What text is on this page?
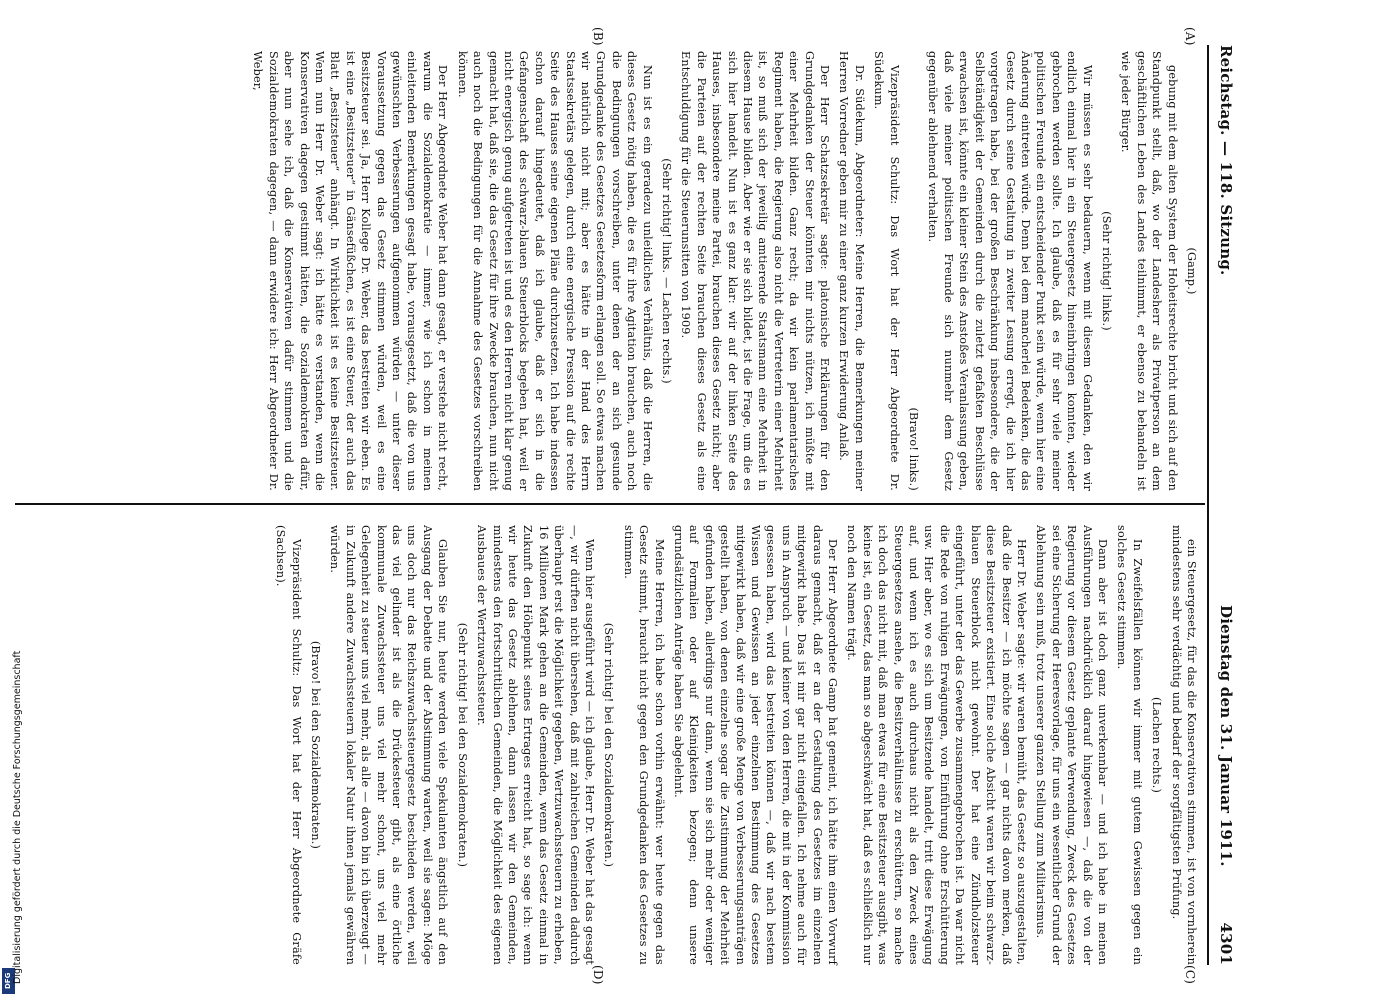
Reichstag. — 118. Sitzung.
Dienstag den 31. Januar 1911.
4301
(A)
(B)
(C)
(D)

(Gamp.)

gebung mit dem alten System der Hoheitsrechte bricht und sich auf den Standpunkt stellt, daß, wo der Landesherr als Privatperson an dem geschäftlichen Leben des Landes teilnimmt, er ebenso zu behandeln ist wie jeder Bürger.

(Sehr richtig! links.)

Wir müssen es sehr bedauern, wenn mit diesem Gedanken, den wir endlich einmal hier in ein Steuergesetz hineinbringen konnten, wieder gebrochen werden sollte. Ich glaube, daß es für sehr viele meiner politischen Freunde ein entscheidender Punkt sein würde, wenn hier eine Änderung eintreten würde. Denn bei dem mancherlei Bedenken, die das Gesetz durch seine Gestaltung in zweiter Lesung erregt, die ich hier vorgetragen habe, bei der großen Beschränkung insbesondere, die der Selbständigkeit der Gemeinden durch die zuletzt gefaßten Beschlüsse erwachsen ist, könnte ein kleiner Stein des Anstoßes Veranlassung geben, daß viele meiner politischen Freunde sich nunmehr dem Gesetz gegenüber ablehnend verhalten.

(Bravo! links.)

Vizepräsident Schultz: Das Wort hat der Herr Abgeordnete Dr. Südekum.

Dr. Südekum, Abgeordneter: Meine Herren, die Bemerkungen meiner Herren Vorredner geben mir zu einer ganz kurzen Erwiderung Anlaß.

Der Herr Schatzsekretär sagte: platonische Erklärungen für den Grundgedanken der Steuer könnten mir nichts nützen, ich müßte mit einer Mehrheit bilden. Ganz recht; da wir kein parlamentarisches Regiment haben, die Regierung also nicht die Vertreterin einer Mehrheit ist, so muß sich der jeweilig amtierende Staatsmann eine Mehrheit in diesem Hause bilden. Aber wie er sie sich bildet, ist die Frage, um die es sich hier handelt. Nun ist es ganz klar: wir auf der linken Seite des Hauses, insbesondere meine Partei, brauchen dieses Gesetz nicht; aber die Parteien auf der rechten Seite brauchen dieses Gesetz als eine Entschuldigung für die Steuerunsitten von 1909.

(Sehr richtig! links. — Lachen rechts.)

Nun ist es ein geradezu unleidliches Verhältnis, daß die Herren, die dieses Gesetz nötig haben, die es für ihre Agitation brauchen, auch noch die Bedingungen vorschreiben, unter denen der an sich gesunde Grundgedanke des Gesetzes Gesetzesform erlangen soll. So etwas machen wir natürlich nicht mit; aber es hätte in der Hand des Herrn Staatssekretärs gelegen, durch eine energische Pression auf die rechte Seite des Hauses seine eigenen Pläne durchzusetzen. Ich habe indessen schon darauf hingedeutet, daß ich glaube, daß er sich in die Gefangenschaft des schwarz-blauen Steuerblocks begeben hat, weil er nicht energisch genug aufgetreten ist und es den Herren nicht klar genug gemacht hat, daß sie, die das Gesetz für ihre Zwecke brauchen, nun nicht auch noch die Bedingungen für die Annahme des Gesetzes vorschreiben können.

Der Herr Abgeordnete Weber hat dann gesagt, er verstehe nicht recht, warum die Sozialdemokratie — immer, wie ich schon in meinen einleitenden Bemerkungen gesagt habe, vorausgesetzt, daß die von uns gewünschten Verbesserungen aufgenommen würden — unter dieser Voraussetzung gegen das Gesetz stimmen würden, weil es eine Besitzsteuer sei. Ja, Herr Kollege Dr. Weber, das bestreiten wir eben. Es ist eine „Besitzsteuer“ in Gänsefüßchen, es ist eine Steuer, der auch das Blatt „Besitzsteuer“ anhängt. In Wirklichkeit ist es keine Besitzsteuer. Wenn nun Herr Dr. Weber sagt: ich hätte es verstanden, wenn die Konservativen dagegen gestimmt hätten, die Sozialdemokraten dafür, aber nun sehe ich, daß die Konservativen dafür stimmen und die Sozialdemokraten dagegen, — dann erwidere ich: Herr Abgeordneter Dr. Weber,

ein Steuergesetz, für das die Konservativen stimmen, ist von vornherein mindestens sehr verdächtig und bedarf der sorgfältigsten Prüfung.

(Lachen rechts.)

In Zweifelsfällen können wir immer mit gutem Gewissen gegen ein solches Gesetz stimmen.

Dann aber ist doch ganz unverkennbar — und ich habe in meinen Ausführungen nachdrücklich darauf hingewiesen —, daß die von der Regierung vor diesem Gesetz geplante Verwendung, Zweck des Gesetzes sei eine Sicherung der Heeresvorlage, für uns ein wesentlicher Grund der Ablehnung sein muß, trotz unserer ganzen Stellung zum Militarismus.

Herr Dr. Weber sagte: wir waren bemüht, das Gesetz so auszugestalten, daß die Besitzer — ich möchte sagen — gar nichts davon merken, daß diese Besitzsteuer existiert. Eine solche Absicht waren wir beim schwarz-blauen Steuerblock nicht gewohnt. Der hat eine Zündholzsteuer eingeführt, unter der das Gewerbe zusammengebrochen ist. Da war nicht die Rede von ruhigen Erwägungen, von Einführung ohne Erschütterung usw. Hier aber, wo es sich um Besitzende handelt, tritt diese Erwägung auf, und wenn ich es auch durchaus nicht als den Zweck eines Steuergesetzes ansehe, die Besitzverhältnisse zu erschüttern, so mache ich doch das nicht mit, daß man etwas für eine Besitzsteuer ausgibt, was keine ist, ein Gesetz, das man so abgeschwächt hat, daß es schließlich nur noch den Namen trägt.

Der Herr Abgeordnete Gamp hat gemeint, ich hätte ihm einen Vorwurf daraus gemacht, daß er an der Gestaltung des Gesetzes im einzelnen mitgewirkt habe. Das ist mir gar nicht eingefallen. Ich nehme auch für uns in Anspruch — und keiner von den Herren, die mit in der Kommission gesessen haben, wird das bestreiten können —, daß wir nach bestem Wissen und Gewissen an jeder einzelnen Bestimmung des Gesetzes mitgewirkt haben, daß wir eine große Menge von Verbesserungsanträgen gestellt haben, von denen einzelne sogar die Zustimmung der Mehrheit gefunden haben, allerdings nur dann, wenn sie sich mehr oder weniger auf Formalien oder auf Kleinigkeiten bezogen; denn unsere grundsätzlichen Anträge haben Sie abgelehnt.

Meine Herren, ich habe schon vorhin erwähnt: wer heute gegen das Gesetz stimmt, braucht nicht gegen den Grundgedanken des Gesetzes zu stimmen.

(Sehr richtig! bei den Sozialdemokraten.)

Wenn hier ausgeführt wird — ich glaube, Herr Dr. Weber hat das gesagt —, wir dürften nicht übersehen, daß mit zahlreichen Gemeinden dadurch überhaupt erst die Möglichkeit gegeben, Wertzuwachssteuern zu erheben, 16 Millionen Mark gehen an die Gemeinden, wenn das Gesetz einmal in Zukunft den Höhepunkt seines Ertrages erreicht hat, so sage ich: wenn wir heute das Gesetz ablehnen, dann lassen wir den Gemeinden, mindestens den fortschrittlichen Gemeinden, die Möglichkeit des eigenen Ausbaues der Wertzuwachssteuer.

(Sehr richtig! bei den Sozialdemokraten.)

Glauben Sie nur, heute werden viele Spekulanten ängstlich auf den Ausgang der Debatte und der Abstimmung warten, weil sie sagen: Möge uns doch nur das Reichszuwachssteuergesetz beschieden werden, weil das viel gelinder ist als die Drückesteuer gibt, als eine örtliche kommunale Zuwachssteuer uns viel mehr schont, uns viel mehr Gelegenheit zu steuer uns viel mehr, als alle — davon bin ich überzeugt — in Zukunft andere Zuwachssteuern lokaler Natur ihnen jemals gewähren würden.

(Bravo! bei den Sozialdemokraten.)

Vizepräsident Schultz: Das Wort hat der Herr Abgeordnete Gräfe (Sachsen).

DFG Digitalisierung gefördert durch die Deutsche Forschungsgemeinschaft
